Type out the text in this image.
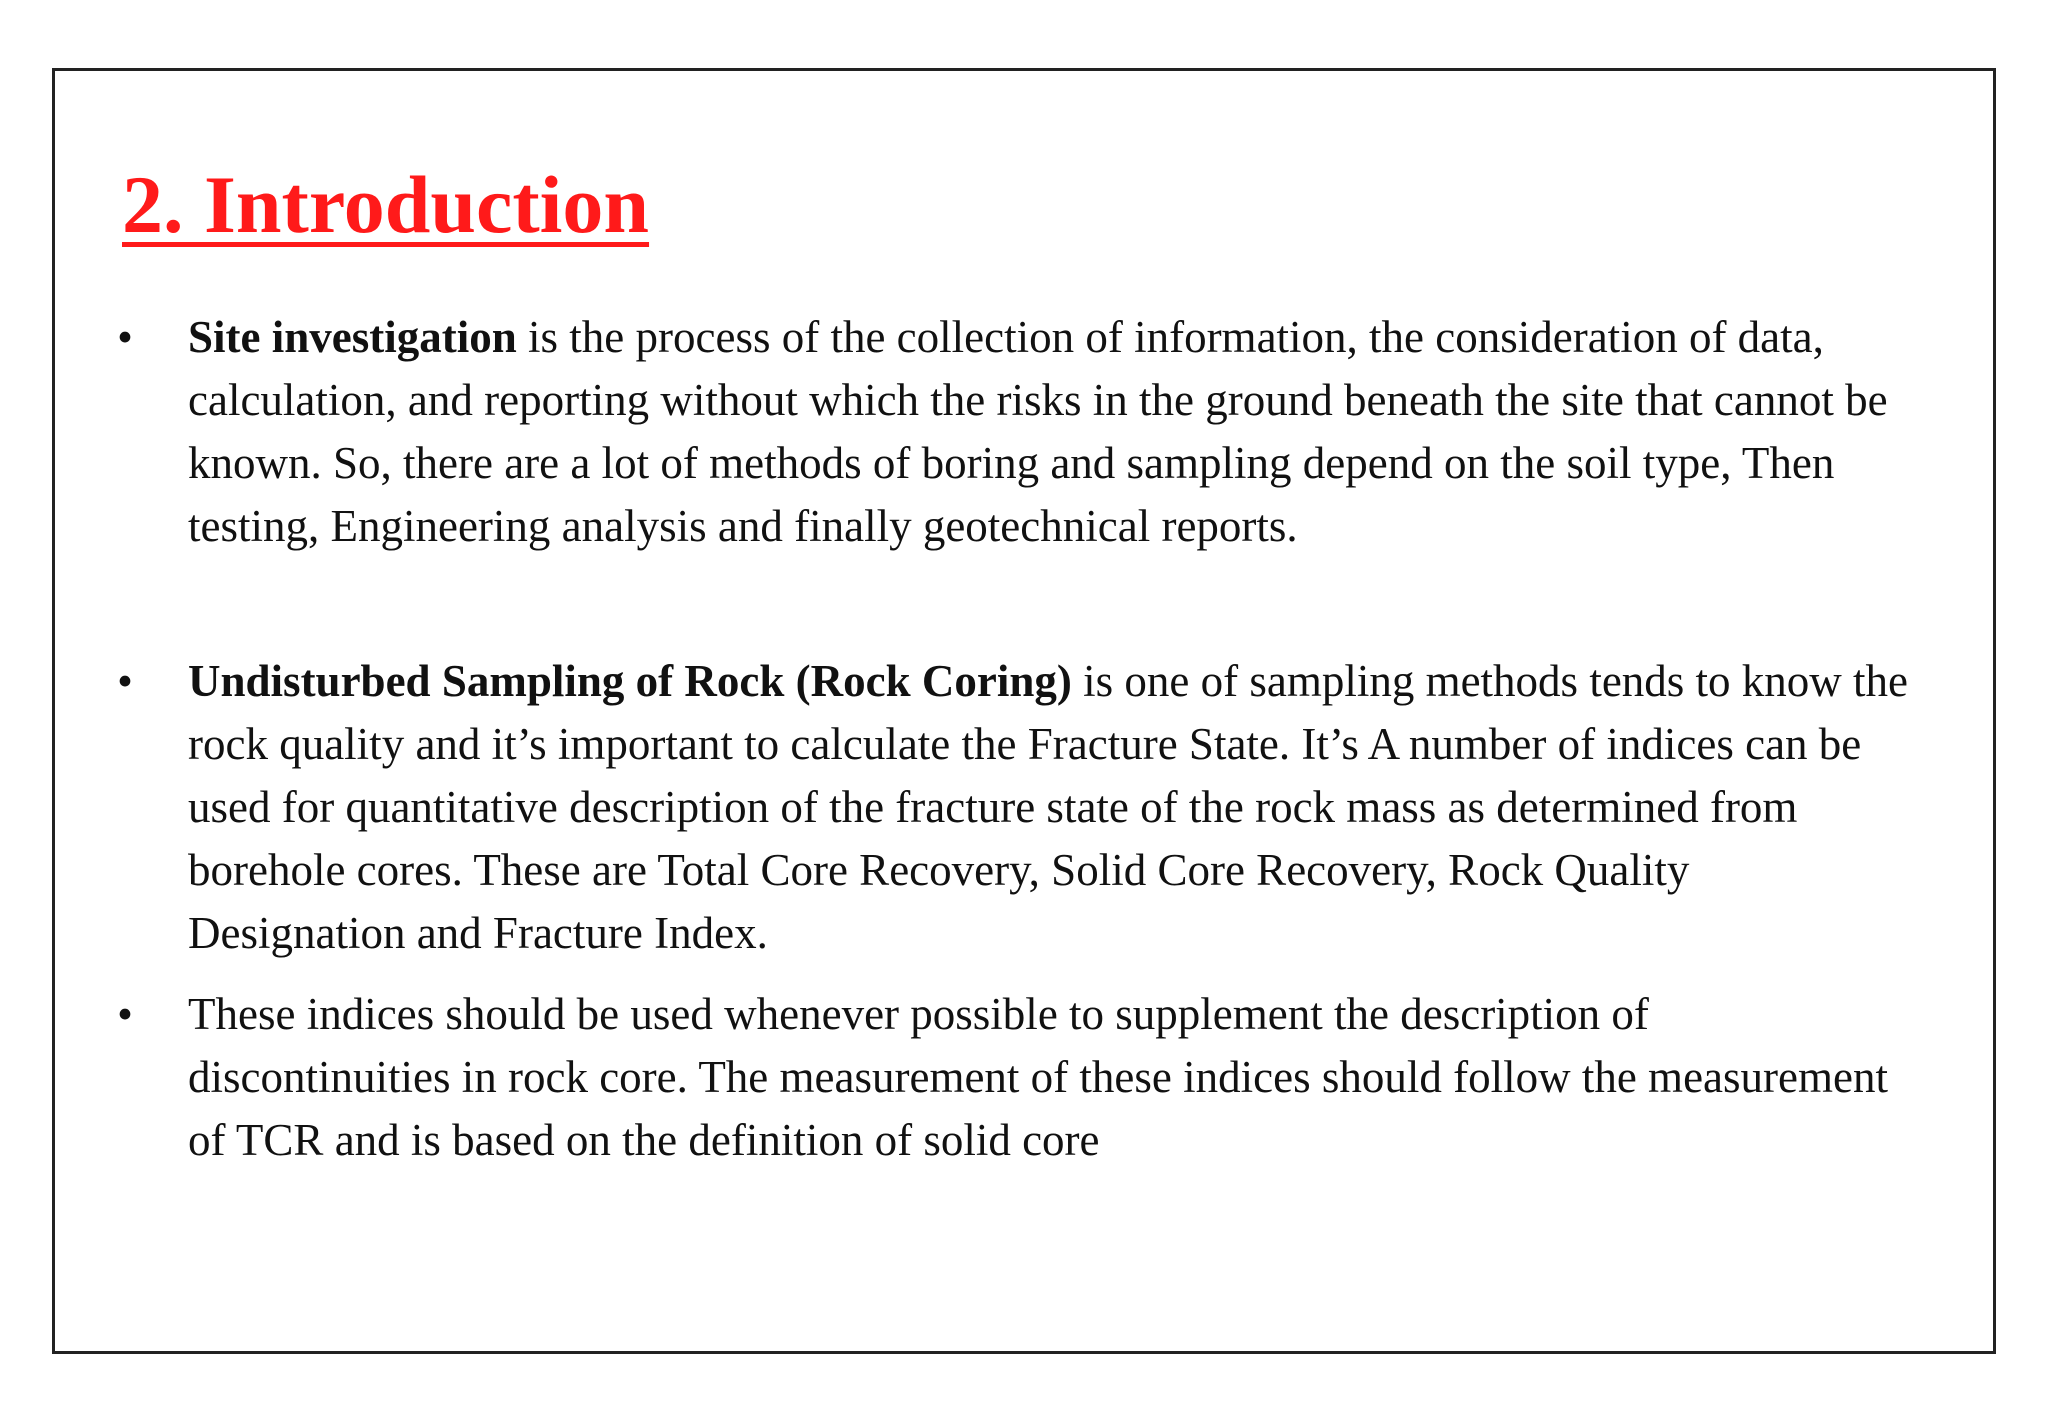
2. Introduction
• Site investigation is the process of the collection of information, the consideration of data, calculation, and reporting without which the risks in the ground beneath the site that cannot be known. So, there are a lot of methods of boring and sampling depend on the soil type, Then testing, Engineering analysis and finally geotechnical reports.
• Undisturbed Sampling of Rock (Rock Coring) is one of sampling methods tends to know the rock quality and it’s important to calculate the Fracture State. It’s A number of indices can be used for quantitative description of the fracture state of the rock mass as determined from borehole cores. These are Total Core Recovery, Solid Core Recovery, Rock Quality Designation and Fracture Index.
• These indices should be used whenever possible to supplement the description of discontinuities in rock core. The measurement of these indices should follow the measurement of TCR and is based on the definition of solid core
